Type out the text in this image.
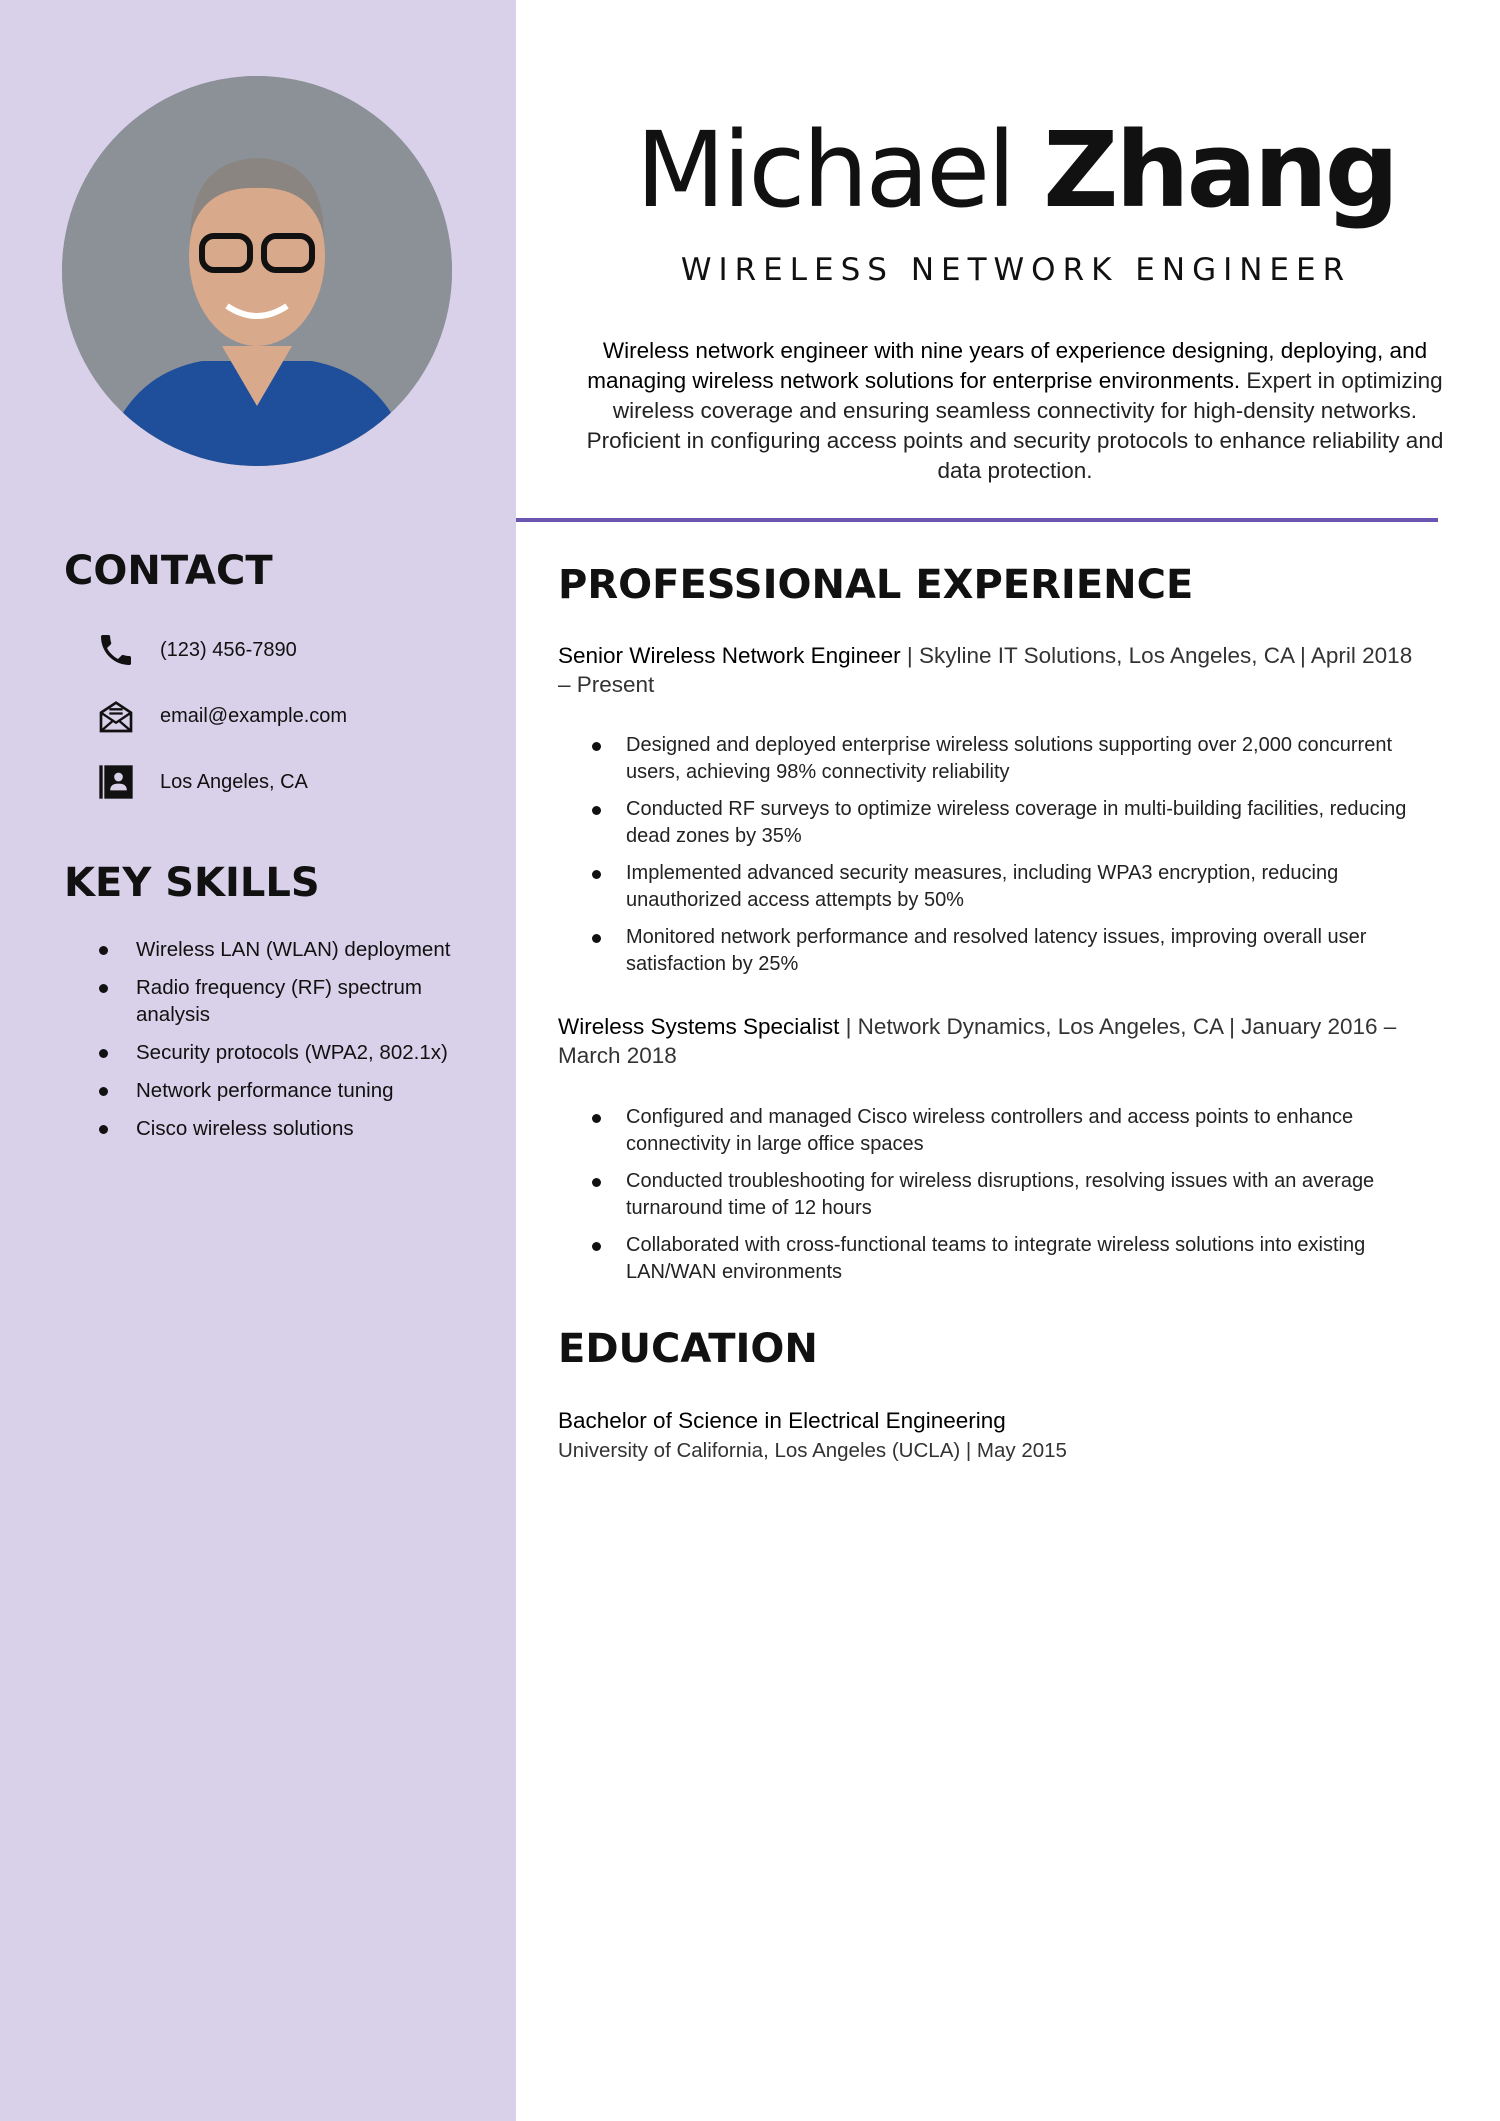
CONTACT
(123) 456-7890
email@example.com
Los Angeles, CA
KEY SKILLS
Wireless LAN (WLAN) deployment
Radio frequency (RF) spectrum analysis
Security protocols (WPA2, 802.1x)
Network performance tuning
Cisco wireless solutions
Michael Zhang
WIRELESS NETWORK ENGINEER
Wireless network engineer with nine years of experience designing, deploying, and managing wireless network solutions for enterprise environments. Expert in optimizing wireless coverage and ensuring seamless connectivity for high-density networks. Proficient in configuring access points and security protocols to enhance reliability and data protection.
PROFESSIONAL EXPERIENCE
Senior Wireless Network Engineer | Skyline IT Solutions, Los Angeles, CA | April 2018 – Present
Designed and deployed enterprise wireless solutions supporting over 2,000 concurrent users, achieving 98% connectivity reliability
Conducted RF surveys to optimize wireless coverage in multi-building facilities, reducing dead zones by 35%
Implemented advanced security measures, including WPA3 encryption, reducing unauthorized access attempts by 50%
Monitored network performance and resolved latency issues, improving overall user satisfaction by 25%
Wireless Systems Specialist | Network Dynamics, Los Angeles, CA | January 2016 – March 2018
Configured and managed Cisco wireless controllers and access points to enhance connectivity in large office spaces
Conducted troubleshooting for wireless disruptions, resolving issues with an average turnaround time of 12 hours
Collaborated with cross-functional teams to integrate wireless solutions into existing LAN/WAN environments
EDUCATION
Bachelor of Science in Electrical Engineering
University of California, Los Angeles (UCLA) | May 2015
